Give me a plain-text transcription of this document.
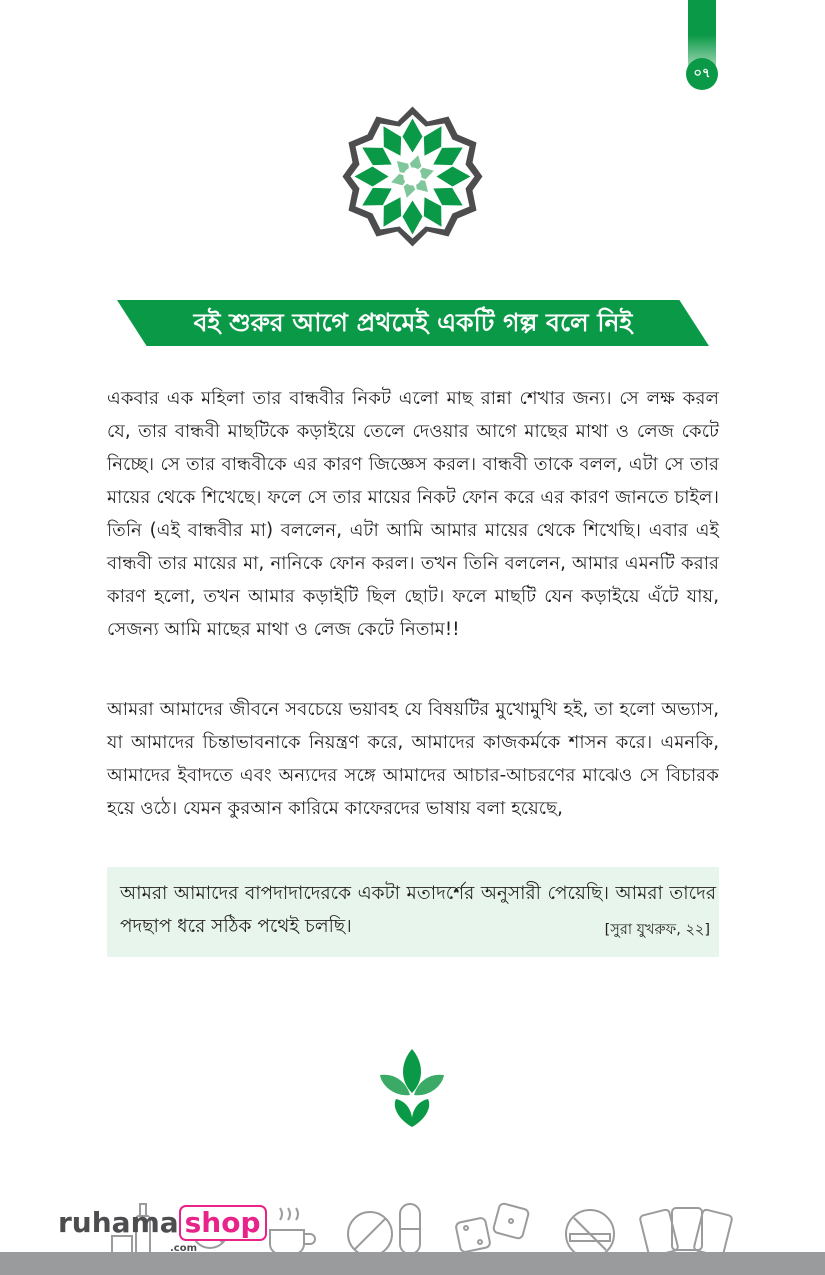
০৭
বই শুরুর আগে প্রথমেই একটি গল্প বলে নিই

একবার এক মহিলা তার বান্ধবীর নিকট এলো মাছ রান্না শেখার জন্য। সে লক্ষ করল যে, তার বান্ধবী মাছটিকে কড়াইয়ে তেলে দেওয়ার আগে মাছের মাথা ও লেজ কেটে নিচ্ছে। সে তার বান্ধবীকে এর কারণ জিজ্ঞেস করল। বান্ধবী তাকে বলল, এটা সে তার মায়ের থেকে শিখেছে। ফলে সে তার মায়ের নিকট ফোন করে এর কারণ জানতে চাইল। তিনি (এই বান্ধবীর মা) বললেন, এটা আমি আমার মায়ের থেকে শিখেছি। এবার এই বান্ধবী তার মায়ের মা, নানিকে ফোন করল। তখন তিনি বললেন, আমার এমনটি করার কারণ হলো, তখন আমার কড়াইটি ছিল ছোট। ফলে মাছটি যেন কড়াইয়ে এঁটে যায়, সেজন্য আমি মাছের মাথা ও লেজ কেটে নিতাম!!

আমরা আমাদের জীবনে সবচেয়ে ভয়াবহ যে বিষয়টির মুখোমুখি হই, তা হলো অভ্যাস, যা আমাদের চিন্তাভাবনাকে নিয়ন্ত্রণ করে, আমাদের কাজকর্মকে শাসন করে। এমনকি, আমাদের ইবাদতে এবং অন্যদের সঙ্গে আমাদের আচার-আচরণের মাঝেও সে বিচারক হয়ে ওঠে। যেমন কুরআন কারিমে কাফেরদের ভাষায় বলা হয়েছে,

আমরা আমাদের বাপদাদাদেরকে একটা মতাদর্শের অনুসারী পেয়েছি। আমরা তাদের পদছাপ ধরে সঠিক পথেই চলছি।	[সুরা যুখরুফ, ২২]
ruhama shop
.com
